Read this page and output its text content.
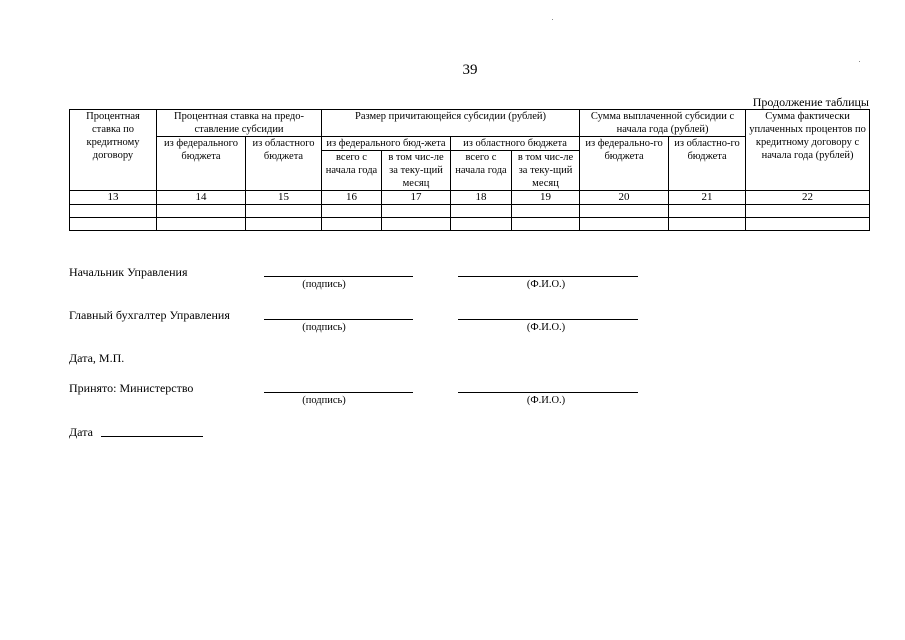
39
Продолжение таблицы
Процентная ставка по кредитному договору	Процентная ставка на предо-ставление субсидии		Размер причитающейся субсидии (рублей)				Сумма выплаченной субсидии с начала года (рублей)		Сумма фактически уплаченных процентов по кредитному договору с начала года (рублей)
	из федерального бюджета	из областного бюджета	из федерального бюд-жета		из областного бюджета		из федерально-го бюджета	из областно-го бюджета	
			всего с начала года	в том чис-ле за теку-щий месяц	всего с начала года	в том чис-ле за теку-щий месяц			
13	14	15	16	17	18	19	20	21	22

Начальник Управления
(подпись)	(Ф.И.О.)
Главный бухгалтер Управления
(подпись)	(Ф.И.О.)
Дата, М.П.
Принято: Министерство
(подпись)	(Ф.И.О.)
Дата
